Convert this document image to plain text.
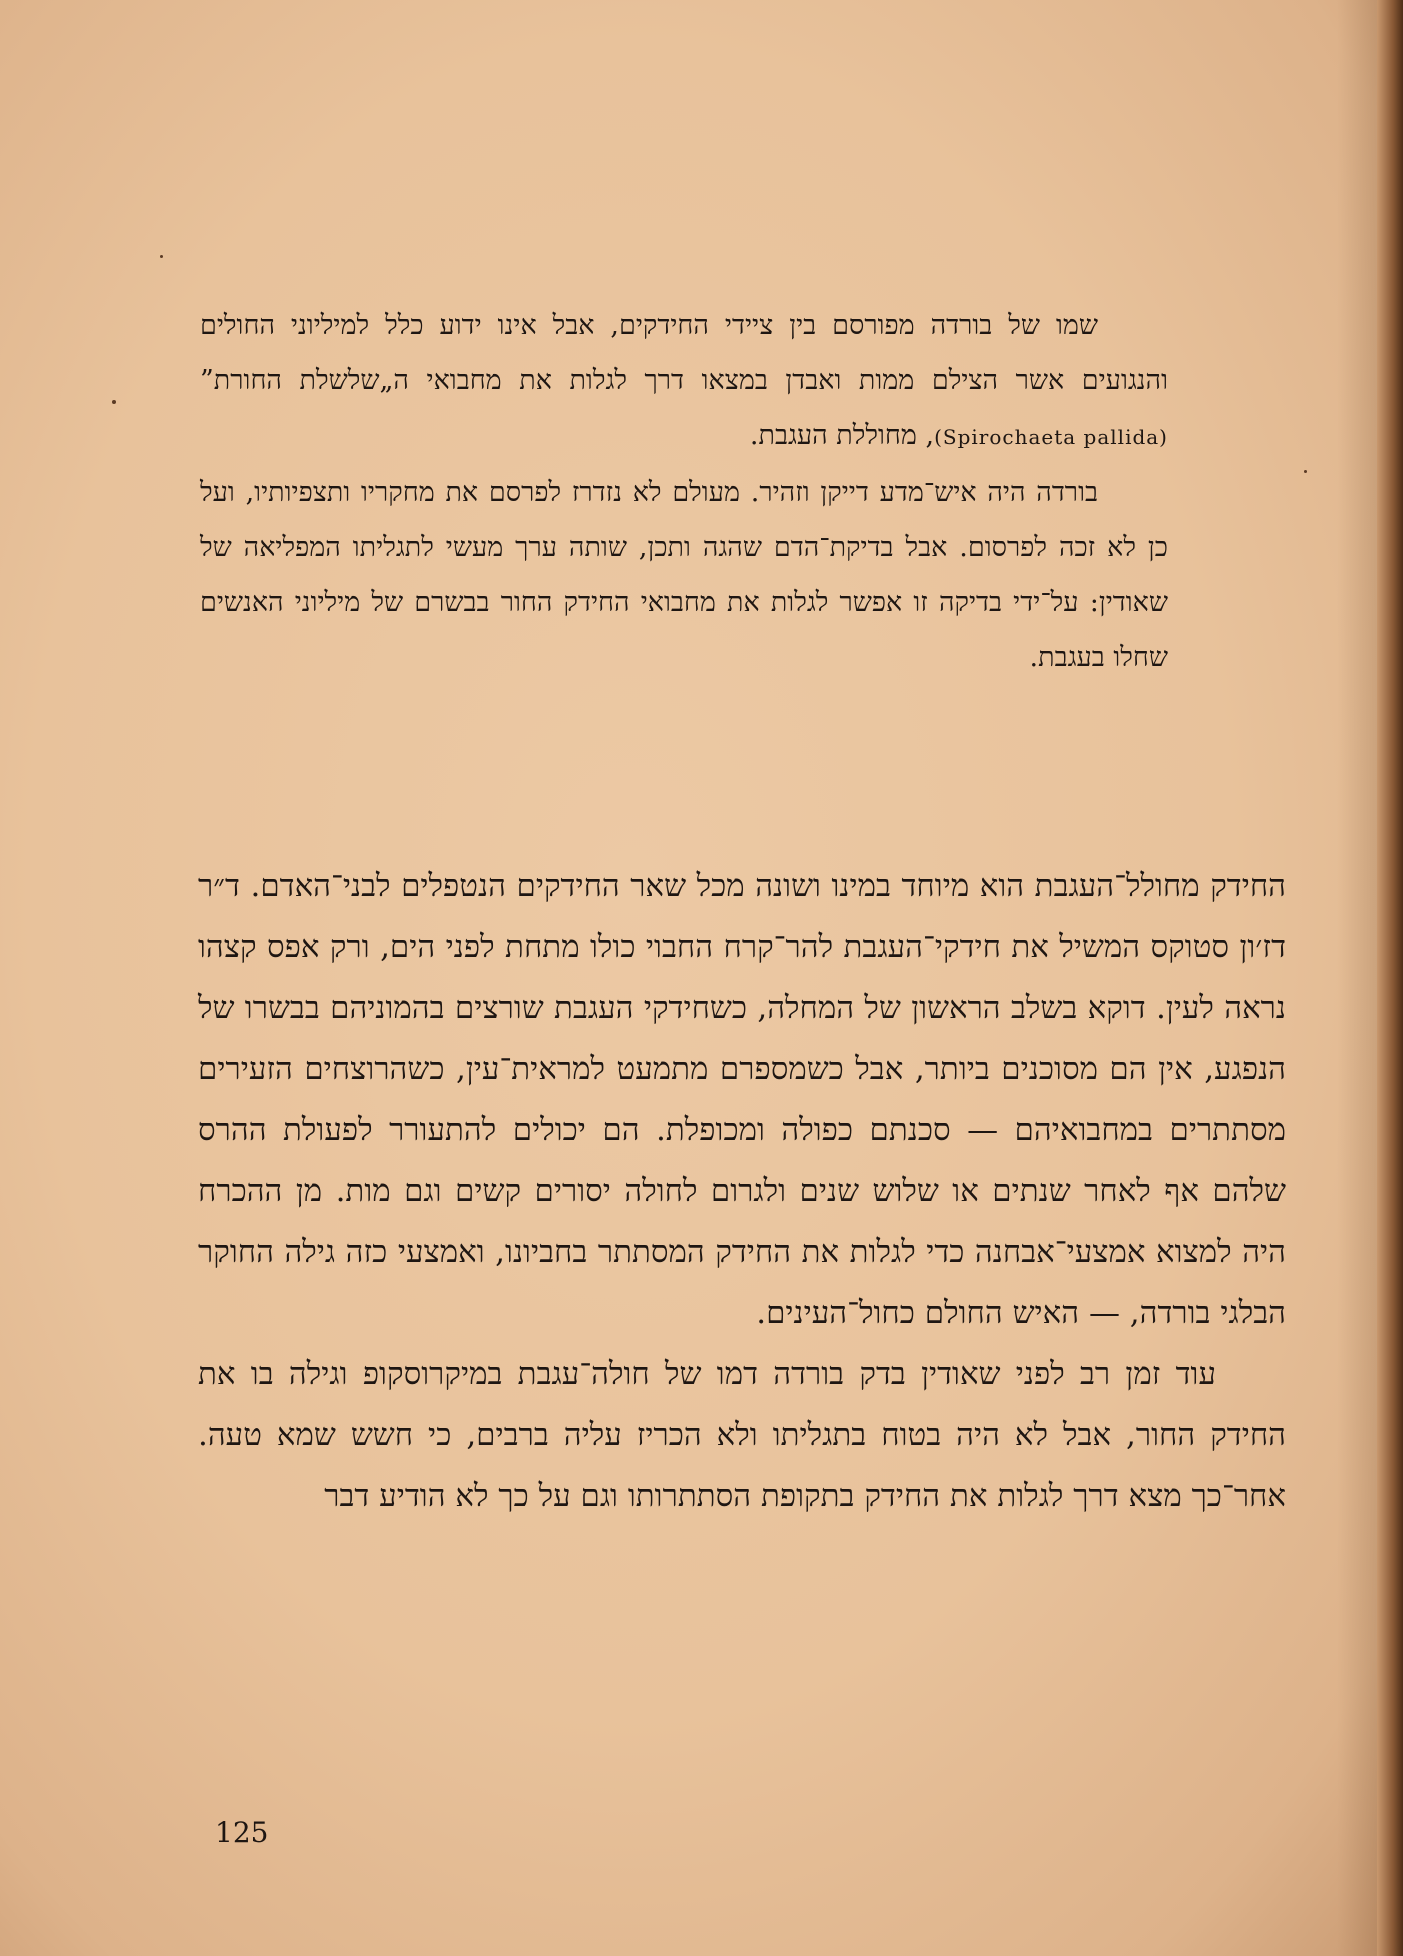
שמו של בורדה מפורסם בין ציידי החידקים, אבל אינו ידוע כלל למיליוני החולים והנגועים אשר הצילם ממות ואבדן במצאו דרך לגלות את מחבואי ה„שלשלת החורת” (Spirochaeta pallida), מחוללת העגבת.

בורדה היה איש־מדע דייקן וזהיר. מעולם לא נזדרז לפרסם את מחקריו ותצפיותיו, ועל כן לא זכה לפרסום. אבל בדיקת־הדם שהגה ותכן, שותה ערך מעשי לתגליתו המפליאה של שאודין: על־ידי בדיקה זו אפשר לגלות את מחבואי החידק החור בבשרם של מיליוני האנשים שחלו בעגבת.

החידק מחולל־העגבת הוא מיוחד במינו ושונה מכל שאר החידקים הנטפלים לבני־האדם. ד״ר דז׳ון סטוקס המשיל את חידקי־העגבת להר־קרח החבוי כולו מתחת לפני הים, ורק אפס קצהו נראה לעין. דוקא בשלב הראשון של המחלה, כשחידקי העגבת שורצים בהמוניהם בבשרו של הנפגע, אין הם מסוכנים ביותר, אבל כשמספרם מתמעט למראית־עין, כשהרוצחים הזעירים מסתתרים במחבואיהם — סכנתם כפולה ומכופלת. הם יכולים להתעורר לפעולת ההרס שלהם אף לאחר שנתים או שלוש שנים ולגרום לחולה יסורים קשים וגם מות. מן ההכרח היה למצוא אמצעי־אבחנה כדי לגלות את החידק המסתתר בחביונו, ואמצעי כזה גילה החוקר הבלגי בורדה, — האיש החולם כחול־העינים.

עוד זמן רב לפני שאודין בדק בורדה דמו של חולה־עגבת במיקרוסקופ וגילה בו את החידק החור, אבל לא היה בטוח בתגליתו ולא הכריז עליה ברבים, כי חשש שמא טעה. אחר־כך מצא דרך לגלות את החידק בתקופת הסתתרותו וגם על כך לא הודיע דבר

125
